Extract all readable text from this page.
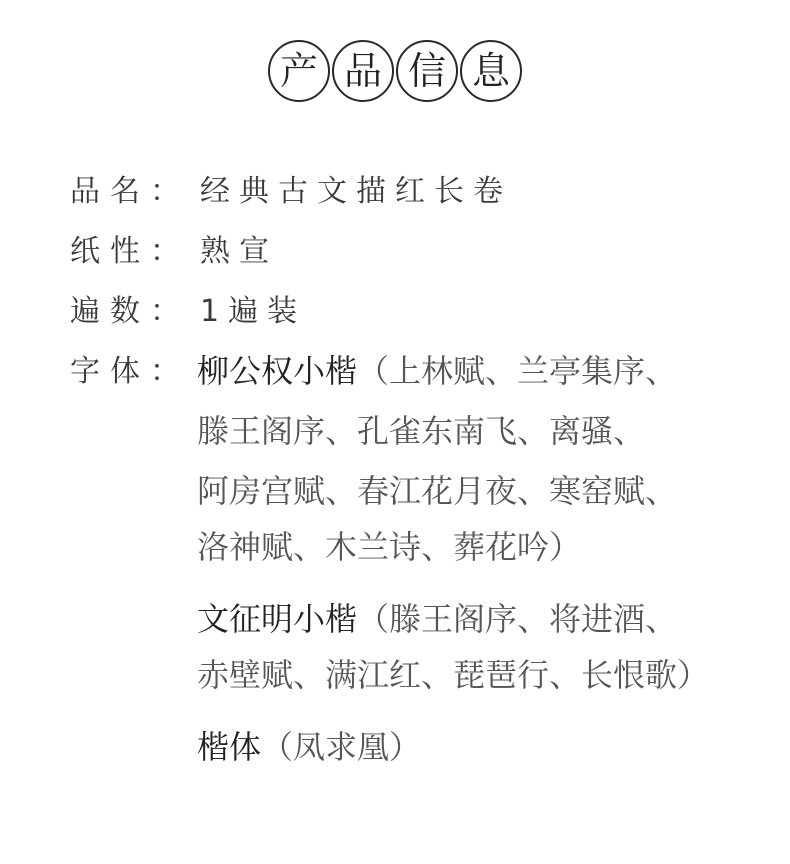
产 品 信 息
品名： 经典古文描红长卷
纸性： 熟宣
遍数： 1遍装
字体： 柳公权小楷（上林赋、兰亭集序、
滕王阁序、孔雀东南飞、离骚、
阿房宫赋、春江花月夜、寒窑赋、
洛神赋、木兰诗、葬花吟）
文征明小楷（滕王阁序、将进酒、
赤壁赋、满江红、琵琶行、长恨歌）
楷体（凤求凰）
